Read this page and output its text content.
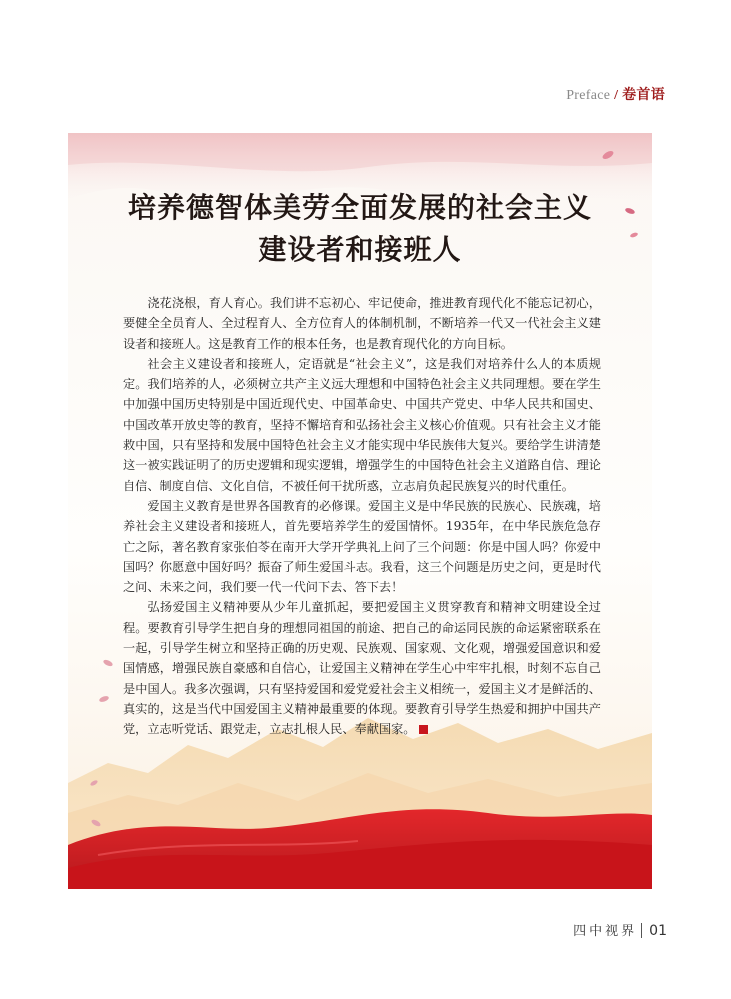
Preface / 卷首语
培养德智体美劳全面发展的社会主义
建设者和接班人

浇花浇根，育人育心。我们讲不忘初心、牢记使命，推进教育现代化不能忘记初心，要健全全员育人、全过程育人、全方位育人的体制机制，不断培养一代又一代社会主义建设者和接班人。这是教育工作的根本任务，也是教育现代化的方向目标。

社会主义建设者和接班人，定语就是“社会主义”，这是我们对培养什么人的本质规定。我们培养的人，必须树立共产主义远大理想和中国特色社会主义共同理想。要在学生中加强中国历史特别是中国近现代史、中国革命史、中国共产党史、中华人民共和国史、中国改革开放史等的教育，坚持不懈培育和弘扬社会主义核心价值观。只有社会主义才能救中国，只有坚持和发展中国特色社会主义才能实现中华民族伟大复兴。要给学生讲清楚这一被实践证明了的历史逻辑和现实逻辑，增强学生的中国特色社会主义道路自信、理论自信、制度自信、文化自信，不被任何干扰所惑，立志肩负起民族复兴的时代重任。

爱国主义教育是世界各国教育的必修课。爱国主义是中华民族的民族心、民族魂，培养社会主义建设者和接班人，首先要培养学生的爱国情怀。1935年，在中华民族危急存亡之际，著名教育家张伯苓在南开大学开学典礼上问了三个问题：你是中国人吗？你爱中国吗？你愿意中国好吗？振奋了师生爱国斗志。我看，这三个问题是历史之问，更是时代之问、未来之问，我们要一代一代问下去、答下去！

弘扬爱国主义精神要从少年儿童抓起，要把爱国主义贯穿教育和精神文明建设全过程。要教育引导学生把自身的理想同祖国的前途、把自己的命运同民族的命运紧密联系在一起，引导学生树立和坚持正确的历史观、民族观、国家观、文化观，增强爱国意识和爱国情感，增强民族自豪感和自信心，让爱国主义精神在学生心中牢牢扎根，时刻不忘自己是中国人。我多次强调，只有坚持爱国和爱党爱社会主义相统一，爱国主义才是鲜活的、真实的，这是当代中国爱国主义精神最重要的体现。要教育引导学生热爱和拥护中国共产党，立志听党话、跟党走，立志扎根人民、奉献国家。

四中视界 01
